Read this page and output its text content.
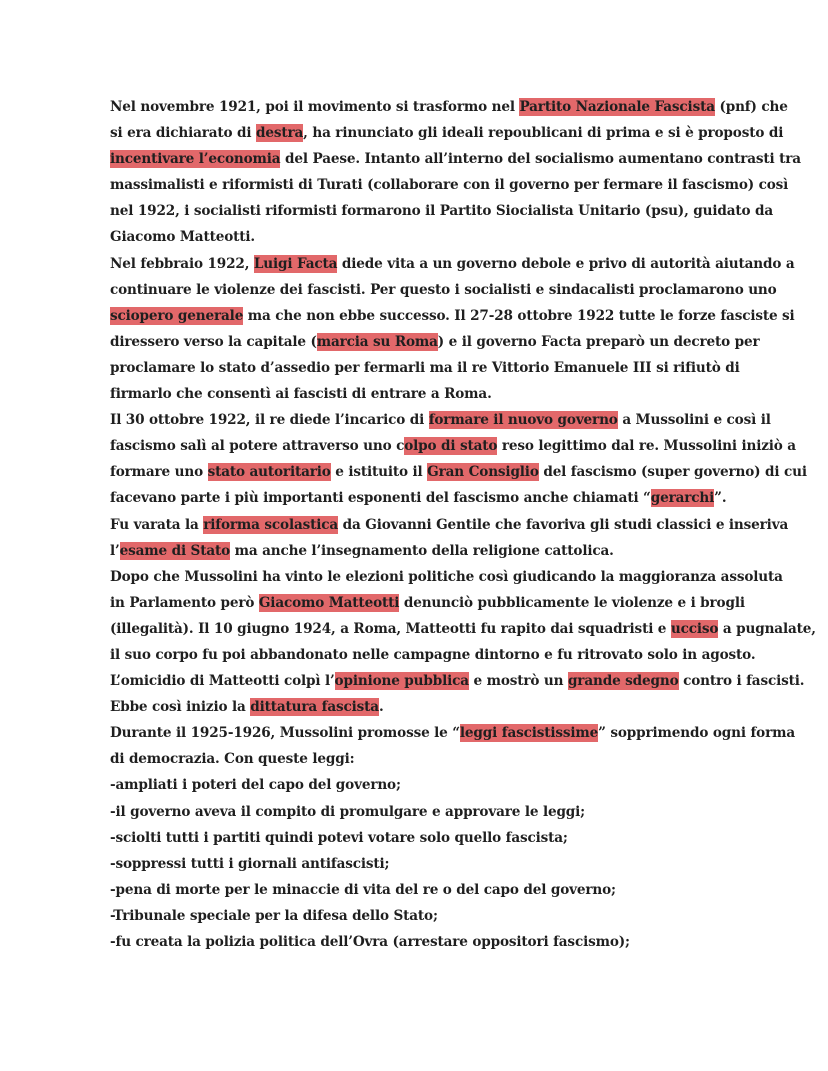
Nel novembre 1921, poi il movimento si trasformo nel Partito Nazionale Fascista (pnf) che
si era dichiarato di destra, ha rinunciato gli ideali repoublicani di prima e si è proposto di
incentivare l’economia del Paese. Intanto all’interno del socialismo aumentano contrasti tra
massimalisti e riformisti di Turati (collaborare con il governo per fermare il fascismo) così
nel 1922, i socialisti riformisti formarono il Partito Siocialista Unitario (psu), guidato da
Giacomo Matteotti.
Nel febbraio 1922, Luigi Facta diede vita a un governo debole e privo di autorità aiutando a
continuare le violenze dei fascisti. Per questo i socialisti e sindacalisti proclamarono uno
sciopero generale ma che non ebbe successo. Il 27-28 ottobre 1922 tutte le forze fasciste si
diressero verso la capitale (marcia su Roma) e il governo Facta preparò un decreto per
proclamare lo stato d’assedio per fermarli ma il re Vittorio Emanuele III si rifiutò di
firmarlo che consentì ai fascisti di entrare a Roma.
Il 30 ottobre 1922, il re diede l’incarico di formare il nuovo governo a Mussolini e così il
fascismo salì al potere attraverso uno colpo di stato reso legittimo dal re. Mussolini iniziò a
formare uno stato autoritario e istituito il Gran Consiglio del fascismo (super governo) di cui
facevano parte i più importanti esponenti del fascismo anche chiamati “gerarchi”.
Fu varata la riforma scolastica da Giovanni Gentile che favoriva gli studi classici e inseriva
l’esame di Stato ma anche l’insegnamento della religione cattolica.
Dopo che Mussolini ha vinto le elezioni politiche così giudicando la maggioranza assoluta
in Parlamento però Giacomo Matteotti denunciò pubblicamente le violenze e i brogli
(illegalità). Il 10 giugno 1924, a Roma, Matteotti fu rapito dai squadristi e ucciso a pugnalate,
il suo corpo fu poi abbandonato nelle campagne dintorno e fu ritrovato solo in agosto.
L’omicidio di Matteotti colpì l’opinione pubblica e mostrò un grande sdegno contro i fascisti.
Ebbe così inizio la dittatura fascista.
Durante il 1925-1926, Mussolini promosse le “leggi fascistissime” sopprimendo ogni forma
di democrazia. Con queste leggi:
-ampliati i poteri del capo del governo;
-il governo aveva il compito di promulgare e approvare le leggi;
-sciolti tutti i partiti quindi potevi votare solo quello fascista;
-soppressi tutti i giornali antifascisti;
-pena di morte per le minaccie di vita del re o del capo del governo;
-Tribunale speciale per la difesa dello Stato;
-fu creata la polizia politica dell’Ovra (arrestare oppositori fascismo);
